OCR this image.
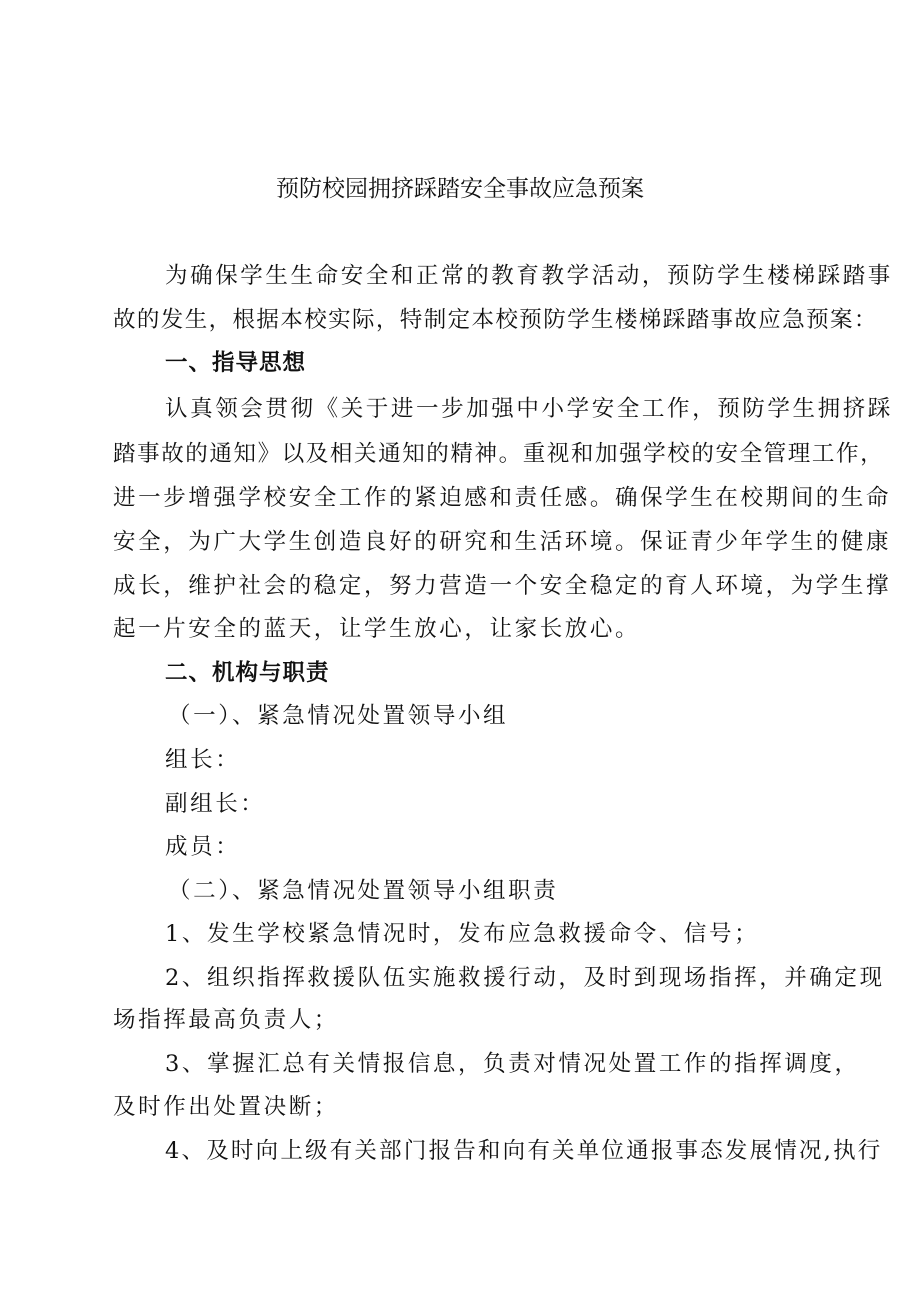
预防校园拥挤踩踏安全事故应急预案
为确保学生生命安全和正常的教育教学活动，预防学生楼梯踩踏事
故的发生，根据本校实际，特制定本校预防学生楼梯踩踏事故应急预案：
一、指导思想
认真领会贯彻《关于进一步加强中小学安全工作，预防学生拥挤踩
踏事故的通知》以及相关通知的精神。重视和加强学校的安全管理工作，
进一步增强学校安全工作的紧迫感和责任感。确保学生在校期间的生命
安全，为广大学生创造良好的研究和生活环境。保证青少年学生的健康
成长，维护社会的稳定，努力营造一个安全稳定的育人环境，为学生撑
起一片安全的蓝天，让学生放心，让家长放心。
二、机构与职责
（一）、紧急情况处置领导小组
组长：
副组长：
成员：
（二）、紧急情况处置领导小组职责
1、发生学校紧急情况时，发布应急救援命令、信号；
2、组织指挥救援队伍实施救援行动，及时到现场指挥，并确定现
场指挥最高负责人；
3、掌握汇总有关情报信息，负责对情况处置工作的指挥调度，
及时作出处置决断；
4、及时向上级有关部门报告和向有关单位通报事态发展情况,执行
